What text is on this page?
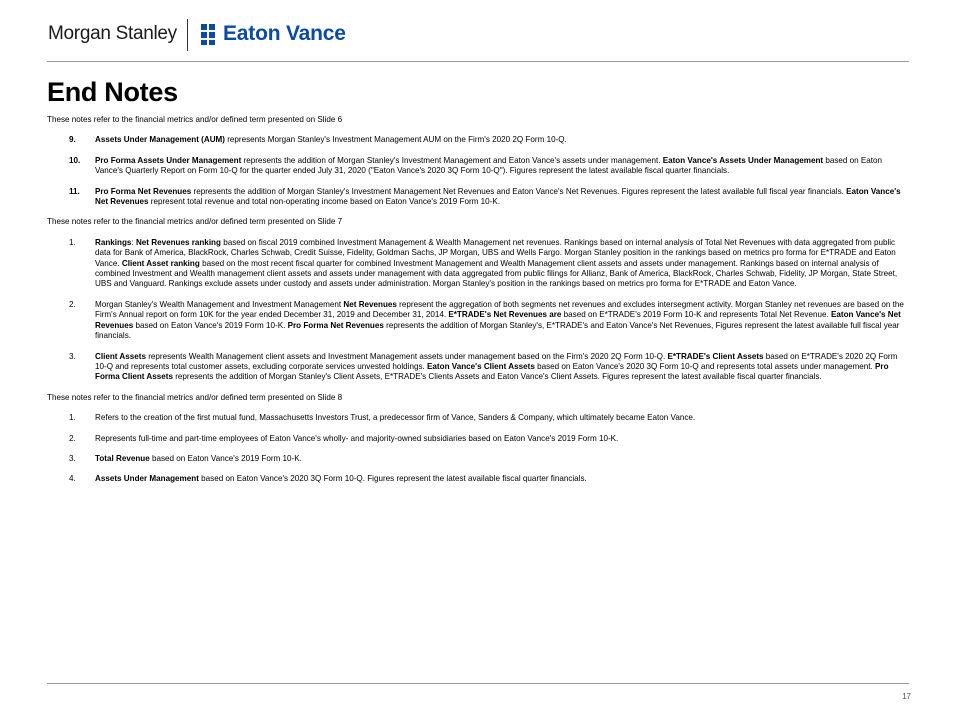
Morgan Stanley Eaton Vance
End Notes

These notes refer to the financial metrics and/or defined term presented on Slide 6

9. Assets Under Management (AUM) represents Morgan Stanley's Investment Management AUM on the Firm's 2020 2Q Form 10-Q.
10. Pro Forma Assets Under Management represents the addition of Morgan Stanley's Investment Management and Eaton Vance's assets under management. Eaton Vance's Assets Under Management based on Eaton Vance's Quarterly Report on Form 10-Q for the quarter ended July 31, 2020 ("Eaton Vance's 2020 3Q Form 10-Q"). Figures represent the latest available fiscal quarter financials.
11. Pro Forma Net Revenues represents the addition of Morgan Stanley's Investment Management Net Revenues and Eaton Vance's Net Revenues. Figures represent the latest available full fiscal year financials. Eaton Vance's Net Revenues represent total revenue and total non-operating income based on Eaton Vance's 2019 Form 10-K.

These notes refer to the financial metrics and/or defined term presented on Slide 7

1. Rankings: Net Revenues ranking based on fiscal 2019 combined Investment Management & Wealth Management net revenues. Rankings based on internal analysis of Total Net Revenues with data aggregated from public data for Bank of America, BlackRock, Charles Schwab, Credit Suisse, Fidelity, Goldman Sachs, JP Morgan, UBS and Wells Fargo. Morgan Stanley position in the rankings based on metrics pro forma for E*TRADE and Eaton Vance. Client Asset ranking based on the most recent fiscal quarter for combined Investment Management and Wealth Management client assets and assets under management. Rankings based on internal analysis of combined Investment and Wealth management client assets and assets under management with data aggregated from public filings for Allianz, Bank of America, BlackRock, Charles Schwab, Fidelity, JP Morgan, State Street, UBS and Vanguard. Rankings exclude assets under custody and assets under administration. Morgan Stanley's position in the rankings based on metrics pro forma for E*TRADE and Eaton Vance.
2. Morgan Stanley's Wealth Management and Investment Management Net Revenues represent the aggregation of both segments net revenues and excludes intersegment activity. Morgan Stanley net revenues are based on the Firm's Annual report on form 10K for the year ended December 31, 2019 and December 31, 2014. E*TRADE's Net Revenues are based on E*TRADE's 2019 Form 10-K and represents Total Net Revenue. Eaton Vance's Net Revenues based on Eaton Vance's 2019 Form 10-K. Pro Forma Net Revenues represents the addition of Morgan Stanley's, E*TRADE's and Eaton Vance's Net Revenues, Figures represent the latest available full fiscal year financials.
3. Client Assets represents Wealth Management client assets and Investment Management assets under management based on the Firm's 2020 2Q Form 10-Q. E*TRADE's Client Assets based on E*TRADE's 2020 2Q Form 10-Q and represents total customer assets, excluding corporate services unvested holdings. Eaton Vance's Client Assets based on Eaton Vance's 2020 3Q Form 10-Q and represents total assets under management. Pro Forma Client Assets represents the addition of Morgan Stanley's Client Assets, E*TRADE's Clients Assets and Eaton Vance's Client Assets. Figures represent the latest available fiscal quarter financials.

These notes refer to the financial metrics and/or defined term presented on Slide 8

1. Refers to the creation of the first mutual fund, Massachusetts Investors Trust, a predecessor firm of Vance, Sanders & Company, which ultimately became Eaton Vance.
2. Represents full-time and part-time employees of Eaton Vance's wholly- and majority-owned subsidiaries based on Eaton Vance's 2019 Form 10-K.
3. Total Revenue based on Eaton Vance's 2019 Form 10-K.
4. Assets Under Management based on Eaton Vance's 2020 3Q Form 10-Q. Figures represent the latest available fiscal quarter financials.
17
